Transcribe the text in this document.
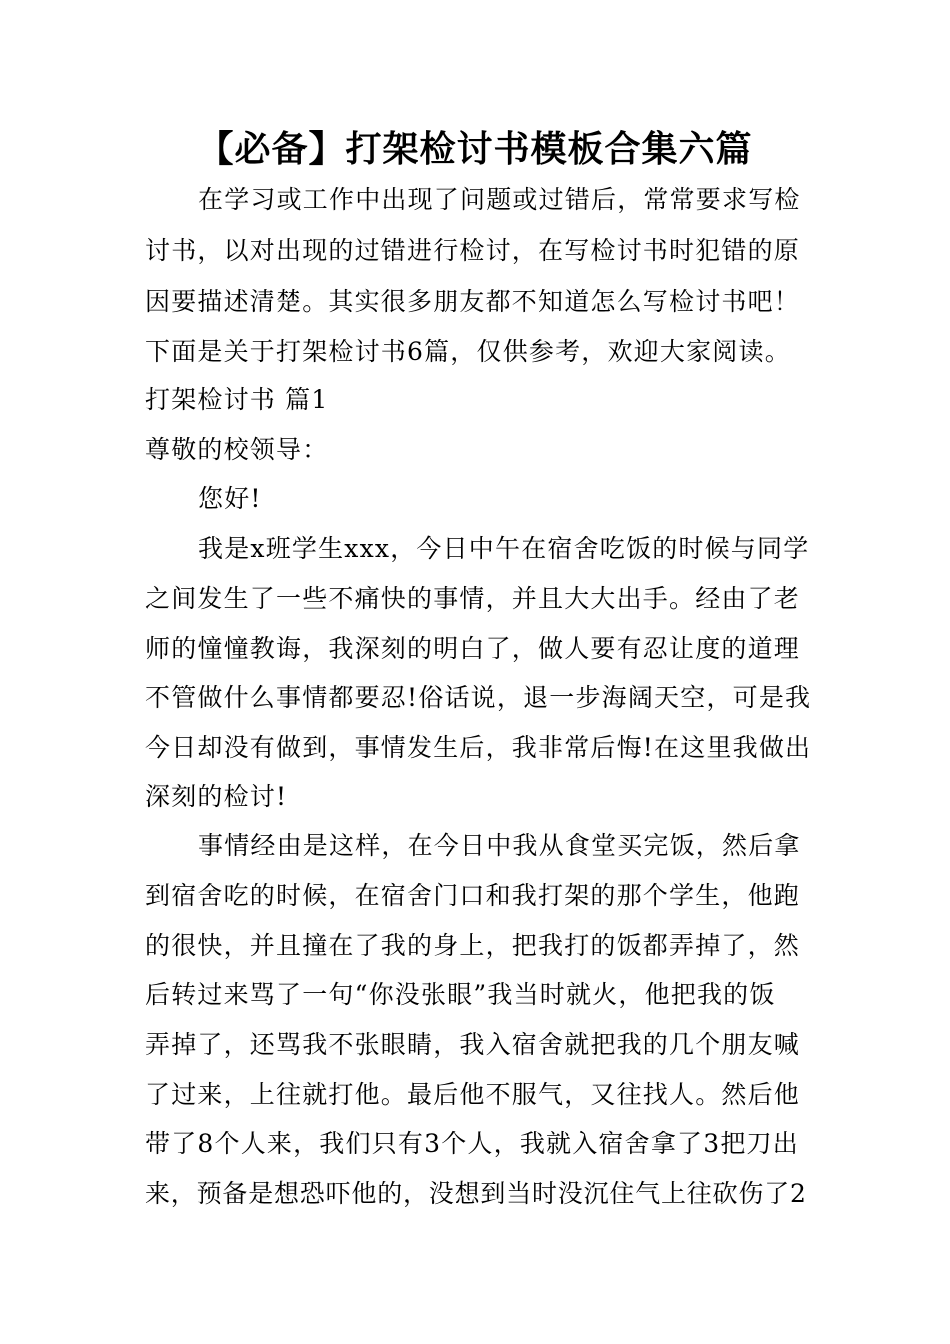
【必备】打架检讨书模板合集六篇
在学习或工作中出现了问题或过错后，常常要求写检
讨书，以对出现的过错进行检讨，在写检讨书时犯错的原
因要描述清楚。其实很多朋友都不知道怎么写检讨书吧！
下面是关于打架检讨书6篇，仅供参考，欢迎大家阅读。
打架检讨书 篇1
尊敬的校领导：
您好!
我是x班学生xxx，今日中午在宿舍吃饭的时候与同学
之间发生了一些不痛快的事情，并且大大出手。经由了老
师的憧憧教诲，我深刻的明白了，做人要有忍让度的道理
不管做什么事情都要忍!俗话说，退一步海阔天空，可是我
今日却没有做到，事情发生后，我非常后悔!在这里我做出
深刻的检讨!
事情经由是这样，在今日中我从食堂买完饭，然后拿
到宿舍吃的时候，在宿舍门口和我打架的那个学生，他跑
的很快，并且撞在了我的身上，把我打的饭都弄掉了，然
后转过来骂了一句“你没张眼”我当时就火，他把我的饭
弄掉了，还骂我不张眼睛，我入宿舍就把我的几个朋友喊
了过来，上往就打他。最后他不服气，又往找人。然后他
带了8个人来，我们只有3个人，我就入宿舍拿了3把刀出
来，预备是想恐吓他的，没想到当时没沉住气上往砍伤了2
